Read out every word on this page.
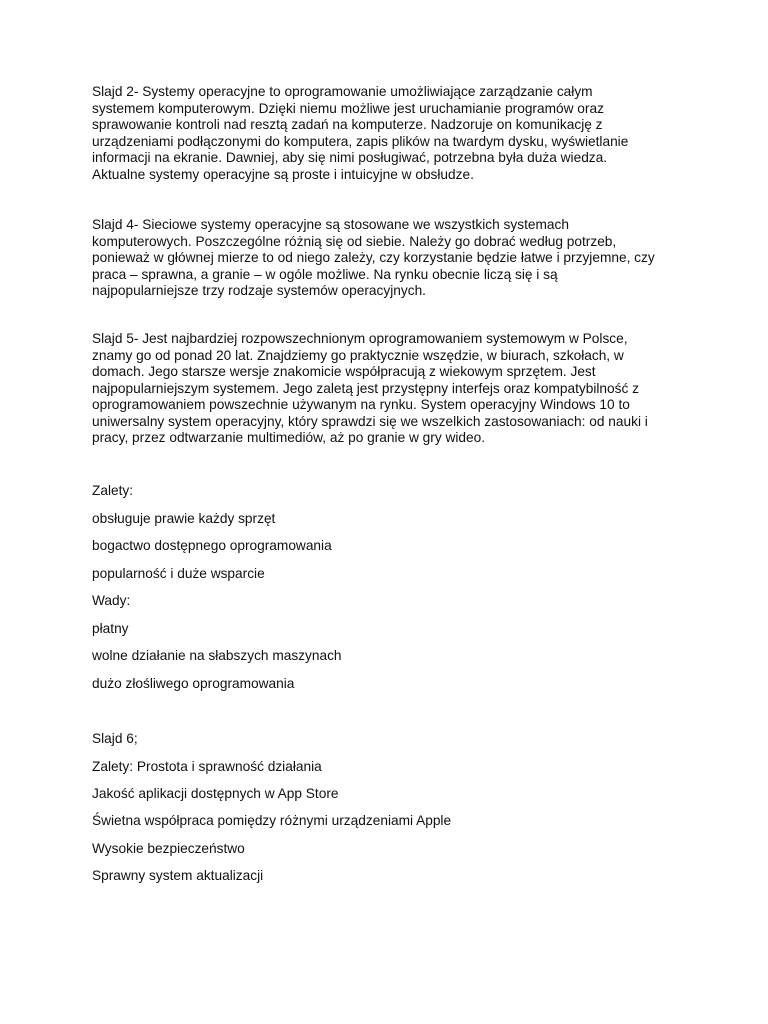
Slajd 2- Systemy operacyjne to oprogramowanie umożliwiające zarządzanie całym
systemem komputerowym. Dzięki niemu możliwe jest uruchamianie programów oraz
sprawowanie kontroli nad resztą zadań na komputerze. Nadzoruje on komunikację z
urządzeniami podłączonymi do komputera, zapis plików na twardym dysku, wyświetlanie
informacji na ekranie. Dawniej, aby się nimi posługiwać, potrzebna była duża wiedza.
Aktualne systemy operacyjne są proste i intuicyjne w obsłudze.

Slajd 4- Sieciowe systemy operacyjne są stosowane we wszystkich systemach
komputerowych. Poszczególne różnią się od siebie. Należy go dobrać według potrzeb,
ponieważ w głównej mierze to od niego zależy, czy korzystanie będzie łatwe i przyjemne, czy
praca – sprawna, a granie – w ogóle możliwe. Na rynku obecnie liczą się i są
najpopularniejsze trzy rodzaje systemów operacyjnych.

Slajd 5- Jest najbardziej rozpowszechnionym oprogramowaniem systemowym w Polsce,
znamy go od ponad 20 lat. Znajdziemy go praktycznie wszędzie, w biurach, szkołach, w
domach. Jego starsze wersje znakomicie współpracują z wiekowym sprzętem. Jest
najpopularniejszym systemem. Jego zaletą jest przystępny interfejs oraz kompatybilność z
oprogramowaniem powszechnie używanym na rynku. System operacyjny Windows 10 to
uniwersalny system operacyjny, który sprawdzi się we wszelkich zastosowaniach: od nauki i
pracy, przez odtwarzanie multimediów, aż po granie w gry wideo.

Zalety:
obsługuje prawie każdy sprzęt
bogactwo dostępnego oprogramowania
popularność i duże wsparcie
Wady:
płatny
wolne działanie na słabszych maszynach
dużo złośliwego oprogramowania
Slajd 6;
Zalety: Prostota i sprawność działania
Jakość aplikacji dostępnych w App Store
Świetna współpraca pomiędzy różnymi urządzeniami Apple
Wysokie bezpieczeństwo
Sprawny system aktualizacji
